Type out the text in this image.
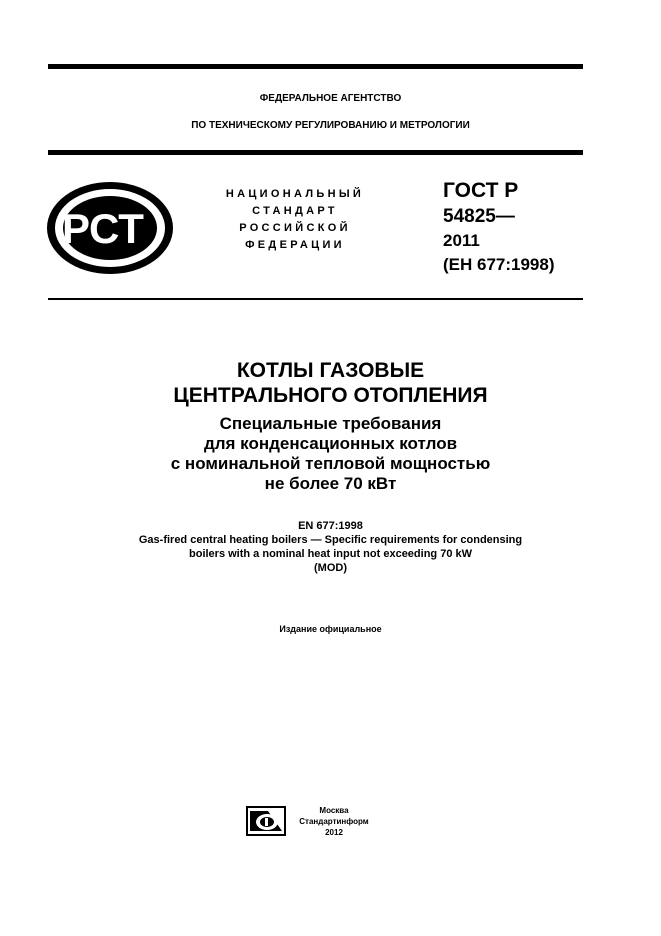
ФЕДЕРАЛЬНОЕ АГЕНТСТВО
ПО ТЕХНИЧЕСКОМУ РЕГУЛИРОВАНИЮ И МЕТРОЛОГИИ
РСТ
НАЦИОНАЛЬНЫЙ
СТАНДАРТ
РОССИЙСКОЙ
ФЕДЕРАЦИИ
ГОСТ Р
54825—
2011
(ЕН 677:1998)
КОТЛЫ ГАЗОВЫЕ
ЦЕНТРАЛЬНОГО ОТОПЛЕНИЯ
Специальные требования
для конденсационных котлов
с номинальной тепловой мощностью
не более 70 кВт
EN 677:1998
Gas-fired central heating boilers — Specific requirements for condensing
boilers with a nominal heat input not exceeding 70 kW
(MOD)
Издание официальное
Москва
Стандартинформ
2012
